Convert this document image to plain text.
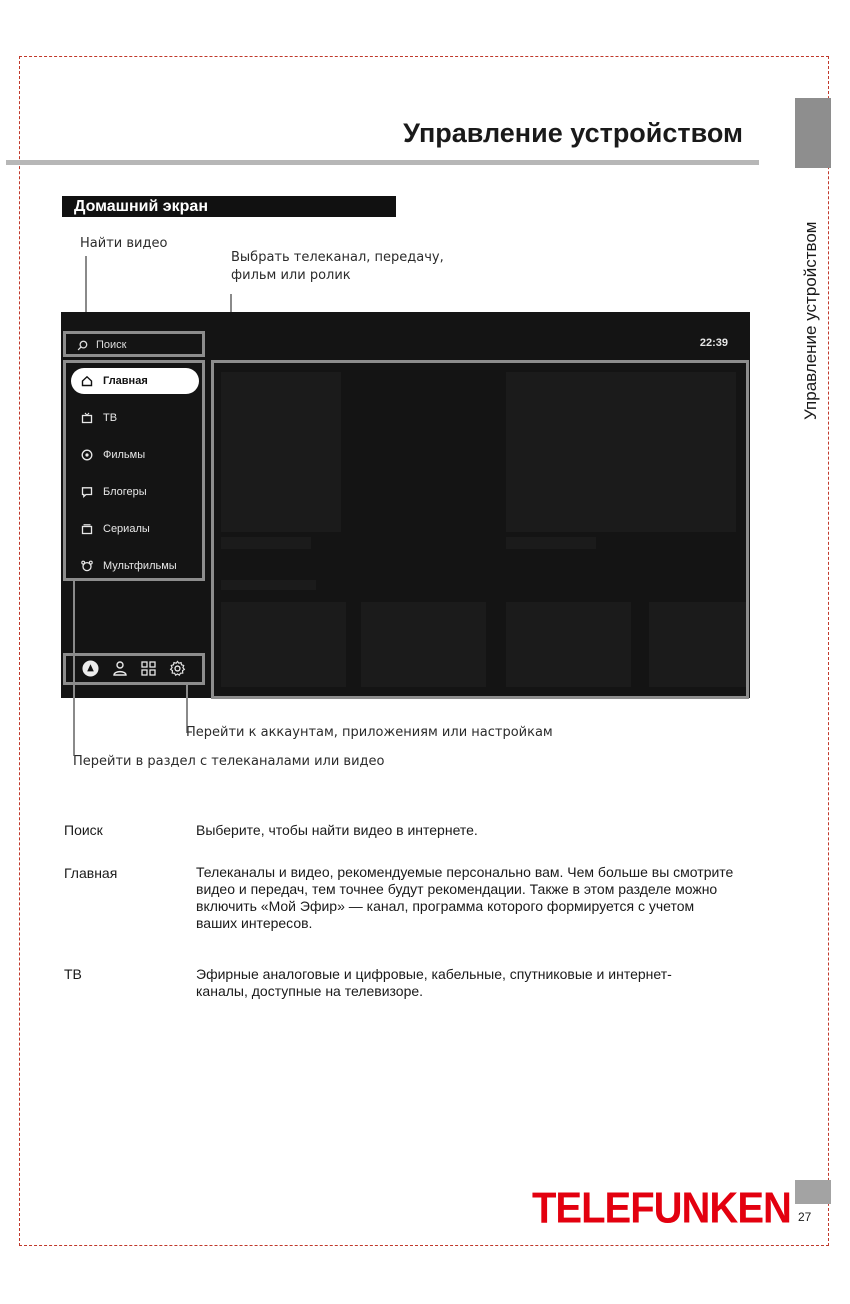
Управление устройством
Управление устройством
Домашний экран
Найти видео
Выбрать телеканал, передачу,
фильм или ролик
Поиск	22:39
Главная
ТВ
Фильмы
Блогеры
Сериалы
Мультфильмы
Перейти к аккаунтам, приложениям или настройкам
Перейти в раздел с телеканалами или видео
Поиск	Выберите, чтобы найти видео в интернете.
Главная	Телеканалы и видео, рекомендуемые персонально вам. Чем больше вы смотрите видео и передач, тем точнее будут рекомендации. Также в этом разделе можно включить «Мой Эфир» — канал, программа которого формируется с учетом ваших интересов.
ТВ	Эфирные аналоговые и цифровые, кабельные, спутниковые и интернет-каналы, доступные на телевизоре.
TELEFUNKEN 27
